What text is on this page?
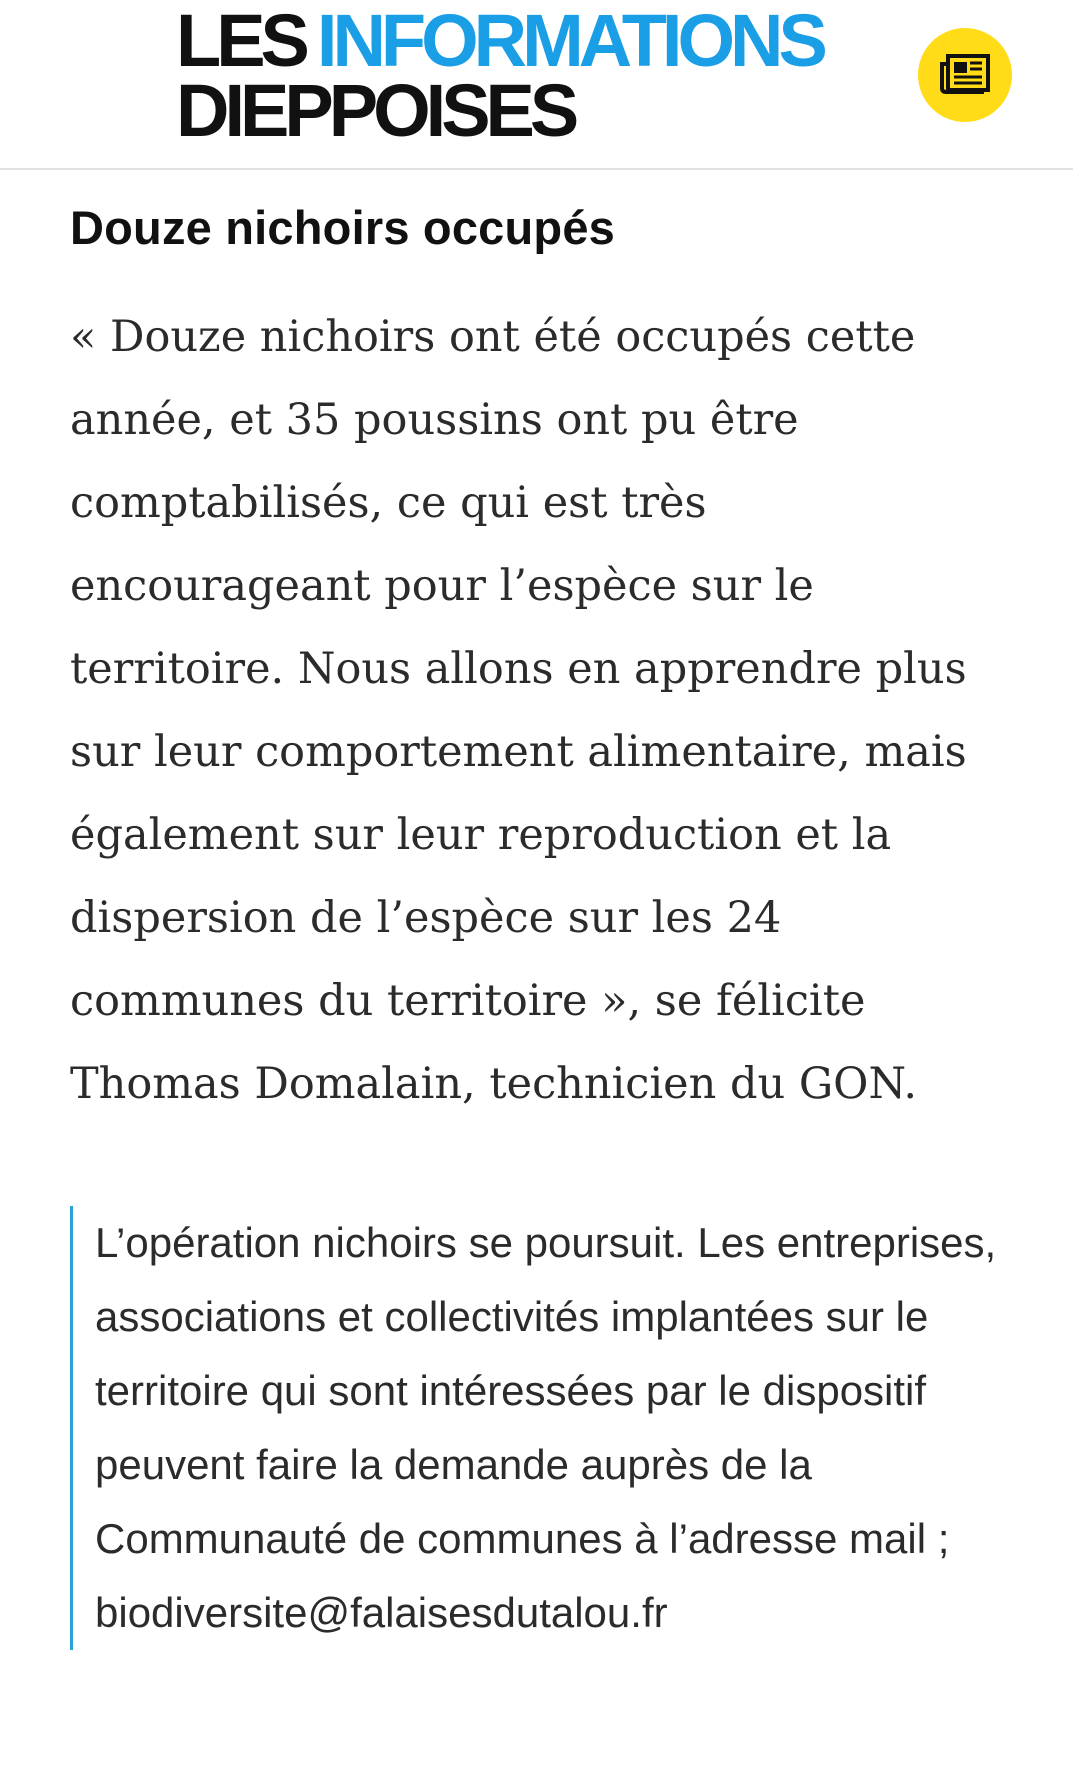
LES INFORMATIONS
DIEPPOISES
Douze nichoirs occupés

« Douze nichoirs ont été occupés cette année, et 35 poussins ont pu être comptabilisés, ce qui est très encourageant pour l’espèce sur le territoire. Nous allons en apprendre plus sur leur comportement alimentaire, mais également sur leur reproduction et la dispersion de l’espèce sur les 24 communes du territoire », se félicite Thomas Domalain, technicien du GON.

L’opération nichoirs se poursuit. Les entreprises, associations et collectivités implantées sur le territoire qui sont intéressées par le dispositif peuvent faire la demande auprès de la Communauté de communes à l’adresse mail ; biodiversite@falaisesdutalou.fr
